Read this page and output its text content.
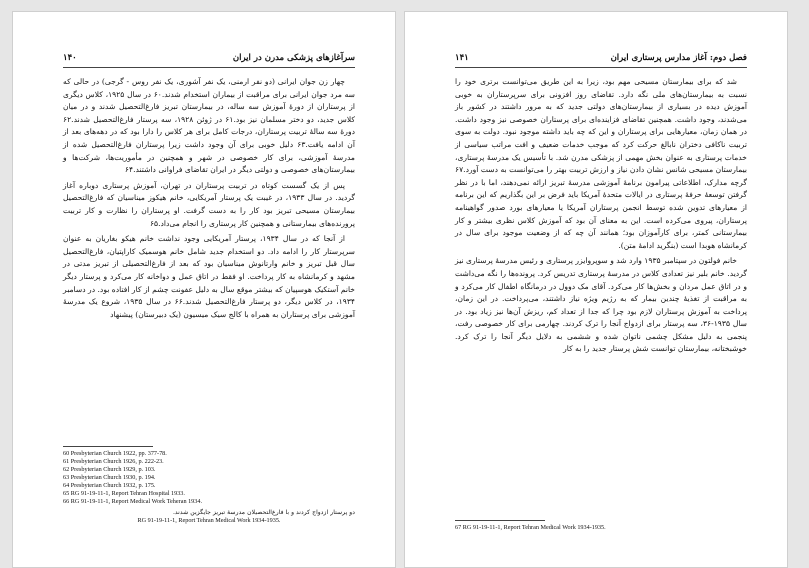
سرآغازهای پزشکی مدرن در ایران
۱۴۰

چهار زن جوان ایرانی (دو نفر ارمنی، یک نفر آشوری، یک نفر روس - گرجی) در حالی که سه مرد جوان ایرانی برای مراقبت از بیماران استخدام شدند.۶۰ در سال ۱۹۲۵، کلاس دیگری از پرستاران از دورهٔ آموزش سه ساله، در بیمارستان تبریز فارغ‌التحصیل شدند و در میان کلاس جدید، دو دختر مسلمان نیز بود.۶۱ در ژوئن ۱۹۲۸، سه پرستار فارغ‌التحصیل شدند.۶۲ دورهٔ سه سالهٔ تربیت پرستاران، درجات کامل برای هر کلاس را دارا بود که در دهه‌های بعد از آن ادامه یافت.۶۳ دلیل خوبی برای آن وجود داشت زیرا پرستاران فارغ‌التحصیل شده از مدرسهٔ آموزشی، برای کار خصوصی در شهر و همچنین در مأموریت‌ها، شرکت‌ها و بیمارستان‌های خصوصی و دولتی دیگر در ایران تقاضای فراوانی داشتند.۶۴

پس از یک گسست کوتاه در تربیت پرستاران در تهران، آموزش پرستاری دوباره آغاز گردید. در سال ۱۹۳۳، در غیبت یک پرستار آمریکایی، خانم هیکوز میناسیان که فارغ‌التحصیل بیمارستان مسیحی تبریز بود کار را به دست گرفت. او پرستاران را نظارت و کار تربیت پرورنده‌های بیمارستانی و همچنین کار پرستاری را انجام می‌داد.۶۵

از آنجا که در سال ۱۹۳۴، پرستار آمریکایی وجود نداشت خانم هیکو بغاریان به عنوان سرپرستار کار را ادامه داد. دو استخدام جدید شامل خانم هوسمیک کاراپتیان، فارغ‌التحصیل سال قبل تبریز و خانم وارتانوش میناسیان بود که بعد از فارغ‌التحصیلی از تبریز مدتی در مشهد و کرمانشاه به کار پرداخت. او فقط در اتاق عمل و دواخانه کار می‌کرد و پرستار دیگر خانم آستکیک هوسپیان که بیشتر موقع سال به دلیل عفونت چشم از کار افتاده بود. در دسامبر ۱۹۳۴، در کلاس دیگر، دو پرستار فارغ‌التحصیل شدند.۶۶ در سال ۱۹۳۵، شروع یک مدرسهٔ آموزشی برای پرستاران به همراه با کالج سیک میسیون (یک دبیرستان) پیشنهاد

60 Presbyterian Church 1922, pp. 377-78.
61 Presbyterian Church 1926, p. 222-23.
62 Presbyterian Church 1929, p. 103.
63 Presbyterian Church 1930, p. 194.
64 Presbyterian Church 1932, p. 175.
65 RG 91-19-11-1, Report Tehran Hospital 1933.
66 RG 91-19-11-1, Report Medical Work Teheran 1934.
دو پرستار ازدواج کردند و با فارغ‌التحصیلان مدرسهٔ تبریز جایگزین شدند.
RG 91-19-11-1, Report Tehran Medical Work 1934-1935.
فصل دوم: آغاز مدارس پرستاری ایران
۱۴۱

شد که برای بیمارستان مسیحی مهم بود، زیرا به این طریق می‌توانست برتری خود را نسبت به بیمارستان‌های ملی نگه دارد. تقاضای روز افزونی برای سرپرستاران به خوبی آموزش دیده در بسیاری از بیمارستان‌های دولتی جدید که به مرور داشتند در کشور باز می‌شدند، وجود داشت. همچنین تقاضای فزاینده‌ای برای پرستاران خصوصی نیز وجود داشت. در همان زمان، معیارهایی برای پرستاران و این که چه باید داشته موجود نبود. دولت به سوی تربیت ناکافی دختران نابالغ حرکت کرد که موجب خدمات ضعیف و افت مراتب سیاسی از خدمات پرستاری به عنوان بخش مهمی از پزشکی مدرن شد. با تأسیس یک مدرسهٔ پرستاری، بیمارستان مسیحی شانس نشان دادن نیاز و ارزش تربیت بهتر را می‌توانست به دست آورد.۶۷ گرچه مدارک، اطلاعاتی پیرامون برنامهٔ آموزشی مدرسهٔ تبریز ارائه نمی‌دهند، اما با در نظر گرفتن توسعهٔ حرفهٔ پرستاری در ایالات متحدهٔ آمریکا باید فرض بر این بگذاریم که این برنامه از معیارهای تدوین شده توسط انجمن پرستاران آمریکا یا معیارهای بورد صدور گواهینامه پرستاران، پیروی می‌کرده است. این به معنای آن بود که آموزش کلاس نظری بیشتر و کار بیمارستانی کمتر، برای کارآموزان بود؛ همانند آن چه که از وضعیت موجود برای سال در کرمانشاه هوبدا است (بنگرید ادامهٔ متن).

خانم فولتون در سپتامبر ۱۹۳۵ وارد شد و سوپروایزر پرستاری و رئیس مدرسهٔ پرستاری نیز گردید. خانم بلیر نیز تعدادی کلاس در مدرسهٔ پرستاری تدریس کرد. پرونده‌ها را نگه می‌داشت و در اتاق عمل مردان و بخش‌ها کار می‌کرد. آقای مک دوول در درمانگاه اطفال کار می‌کرد و به مراقبت از تغذیهٔ چندین بیمار که به رژیم ویژه نیاز داشتند، می‌پرداخت. در این زمان، پرداخت به آموزش پرستاران لازم بود چرا که جدا از تعداد کم، ریزش آن‌ها نیز زیاد بود. در سال ۱۹۳۵-۳۶، سه پرستار برای ازدواج آنجا را ترک کردند. چهارمی برای کار خصوصی رفت، پنجمی به دلیل مشکل چشمی ناتوان شده و ششمی به دلایل دیگر آنجا را ترک کرد. خوشبختانه، بیمارستان توانست شش پرستار جدید را به کار

67 RG 91-19-11-1, Report Tehran Medical Work 1934-1935.
